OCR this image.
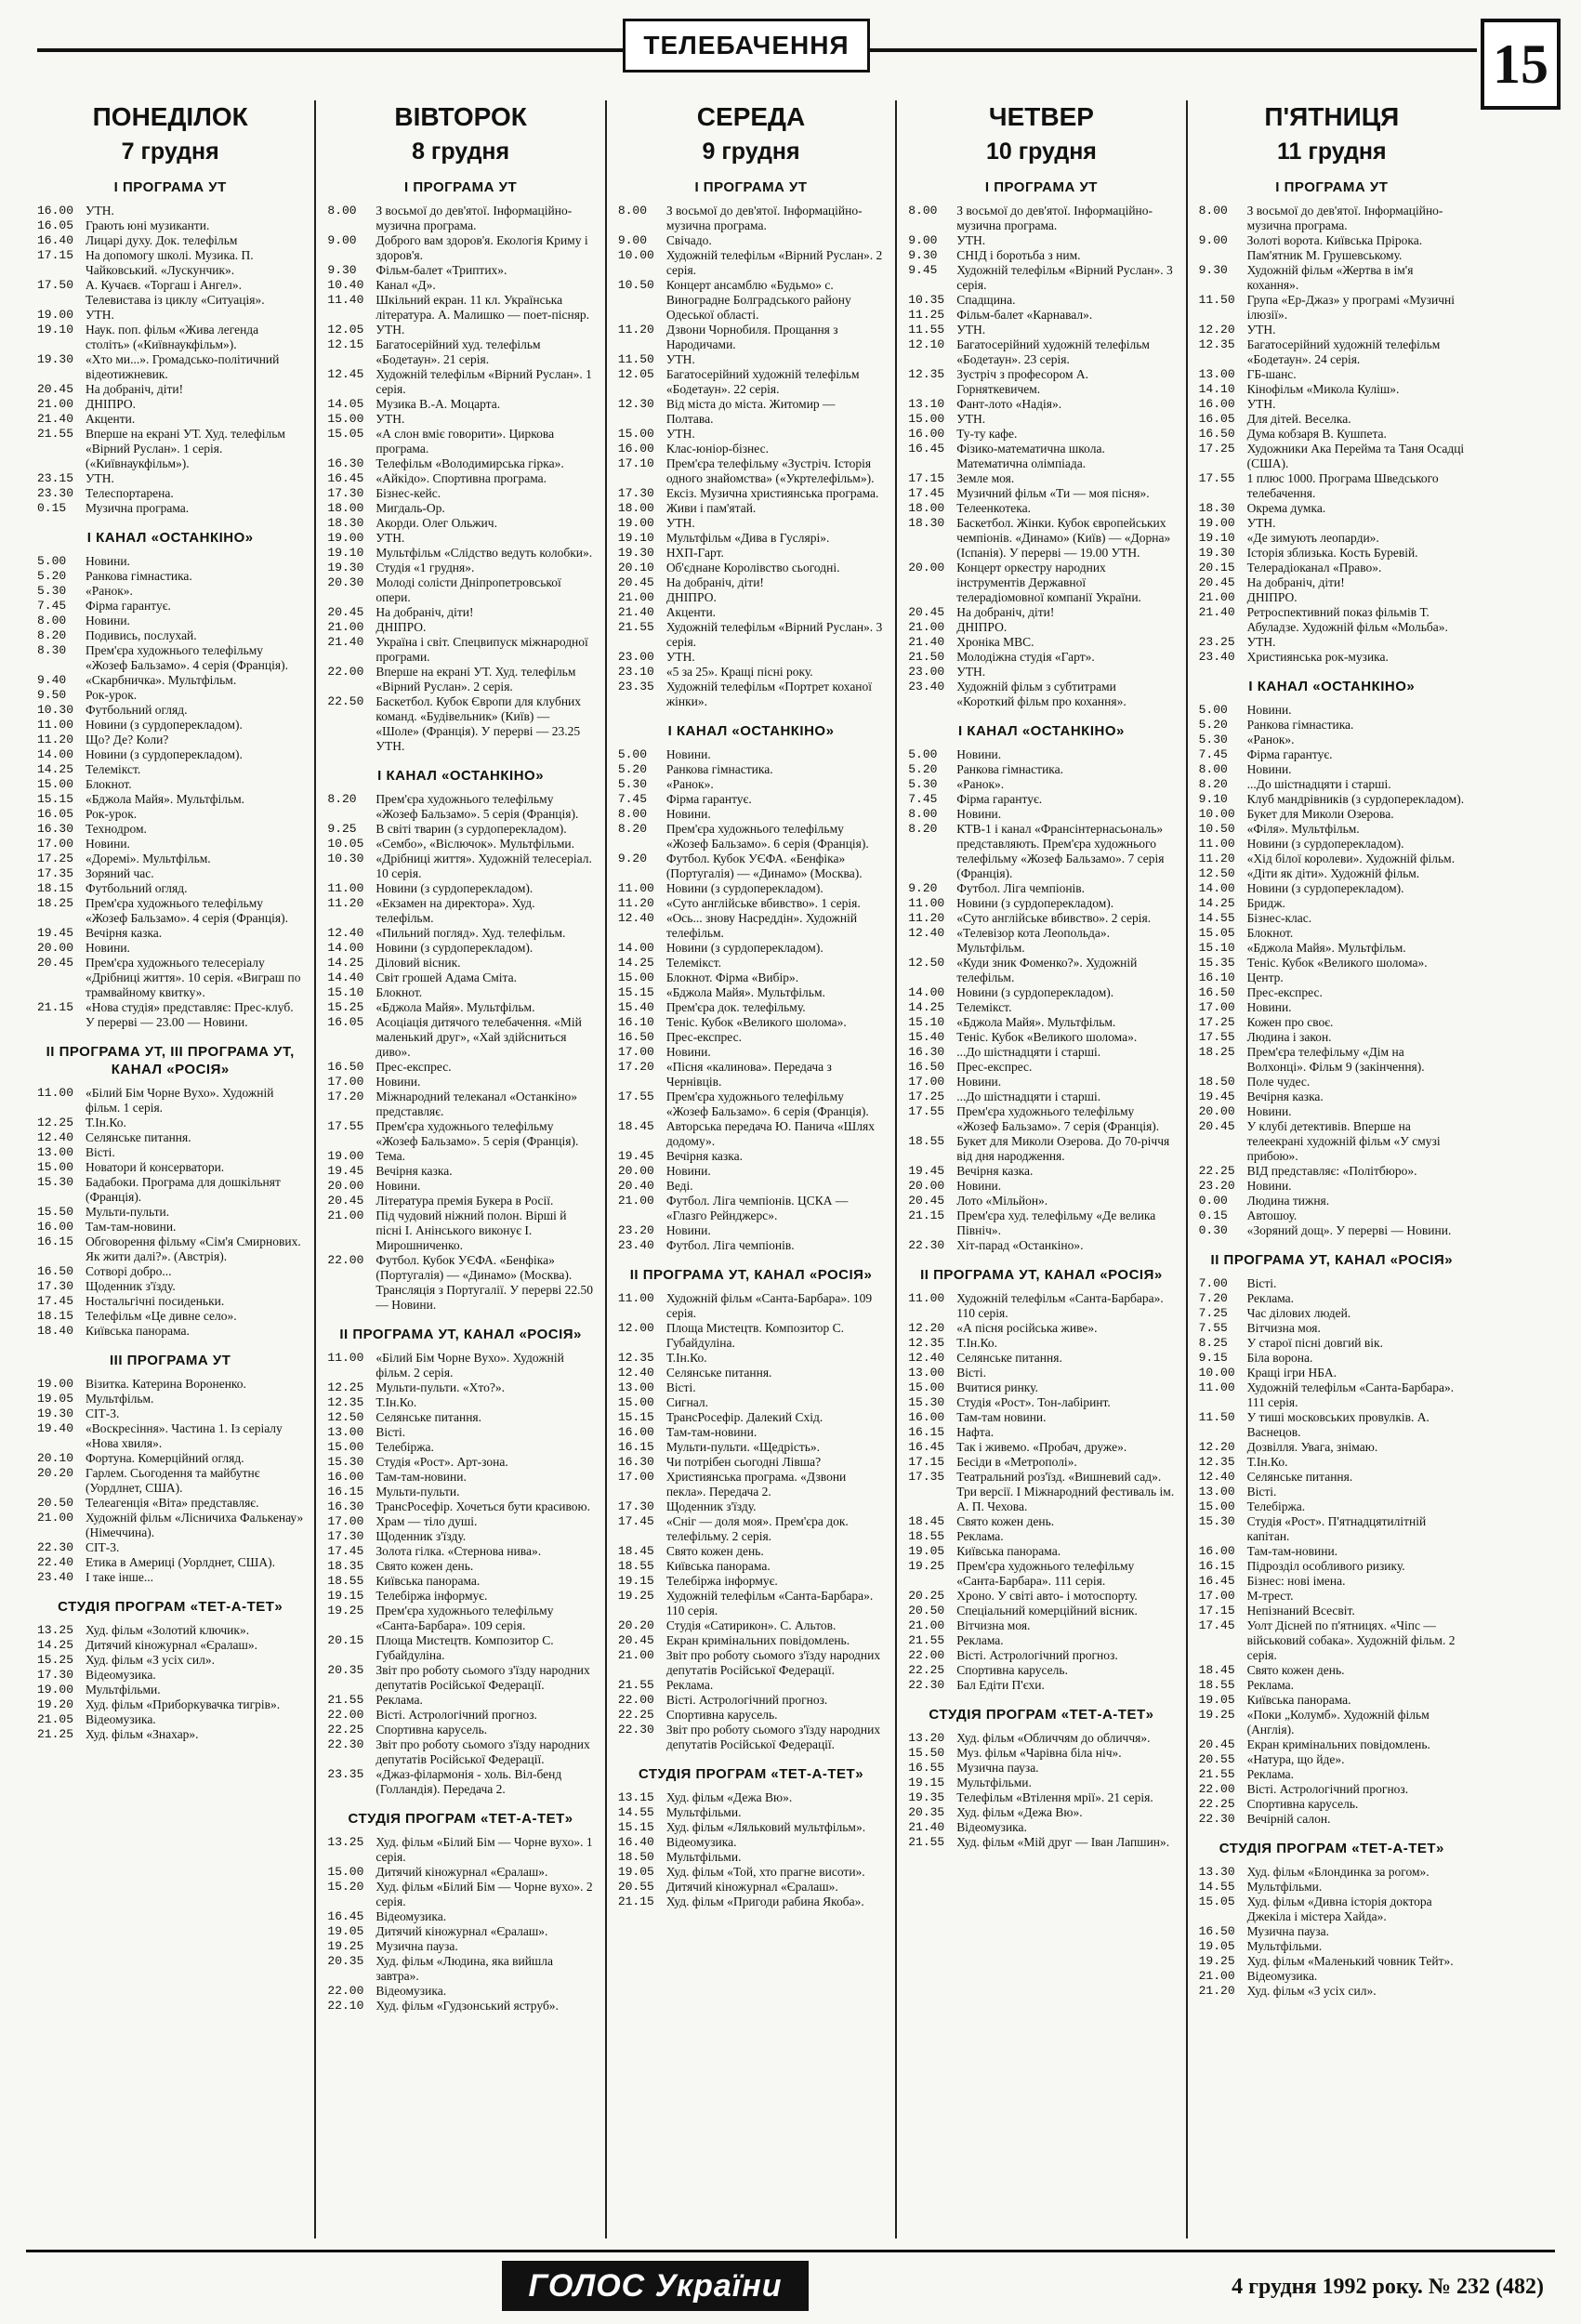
ТЕЛЕБАЧЕННЯ	15
ПОНЕДІЛОК
7 грудня
І ПРОГРАМА УТ
16.00 УТН.
16.05 Грають юні музиканти.
16.40 Лицарі духу. Док. телефільм
17.15 На допомогу школі. Музика. П. Чайковський. «Лускунчик».
17.50 А. Кучаєв. «Торгаш і Ангел». Телевистава із циклу «Ситуація».
19.00 УТН.
19.10 Наук. поп. фільм «Жива легенда століть» («Київнаукфільм»).
19.30 «Хто ми...». Громадсько-політичний відеотижневик.
20.45 На добраніч, діти!
21.00 ДНІПРО.
21.40 Акценти.
21.55 Вперше на екрані УТ. Худ. телефільм «Вірний Руслан». 1 серія. («Київнаукфільм»).
23.15 УТН.
23.30 Телеспортарена.
0.15	Музична програма.
І КАНАЛ «ОСТАНКІНО»
5.00	Новини.
5.20	Ранкова гімнастика.
5.30	«Ранок».
7.45	Фірма гарантує.
8.00	Новини.
8.20	Подивись, послухай.
8.30	Прем'єра художнього телефільму «Жозеф Бальзамо». 4 серія (Франція).
9.40	«Скарбничка». Мультфільм.
9.50	Рок-урок.
10.30 Футбольний огляд.
11.00 Новини (з сурдоперекладом).
11.20 Що? Де? Коли?
14.00 Новини (з сурдоперекладом).
14.25 Телемікст.
15.00 Блокнот.
15.15 «Бджола Майя». Мультфільм.
16.05 Рок-урок.
16.30 Технодром.
17.00 Новини.
17.25 «Доремі». Мультфільм.
17.35 Зоряний час.
18.15 Футбольний огляд.
18.25 Прем'єра художнього телефільму «Жозеф Бальзамо». 4 серія (Франція).
19.45 Вечірня казка.
20.00 Новини.
20.45 Прем'єра художнього телесеріалу «Дрібниці життя». 10 серія. «Виграш по трамвайному квитку».
21.15 «Нова студія» представляє: Прес-клуб. У перерві — 23.00 — Новини.
ІІ ПРОГРАМА УТ, ІІІ ПРОГРАМА УТ, КАНАЛ «РОСІЯ»
11.00 «Білий Бім Чорне Вухо». Художній фільм. 1 серія.
12.25 Т.Ін.Ко.
12.40 Селянське питання.
13.00 Вісті.
15.00 Новатори й консерватори.
15.30 Бадабоки. Програма для дошкільнят (Франція).
15.50 Мульти-пульти.
16.00 Там-там-новини.
16.15 Обговорення фільму «Сім'я Смирнових. Як жити далі?». (Австрія).
16.50 Сотворі добро...
17.30 Щоденник з'їзду.
17.45 Ностальгічні посиденьки.
18.15 Телефільм «Це дивне село».
18.40 Київська панорама.
ІІІ ПРОГРАМА УТ
19.00 Візитка. Катерина Вороненко.
19.05 Мультфільм.
19.30 СІТ-3.
19.40 «Воскресіння». Частина 1. Із серіалу «Нова хвиля».
20.10 Фортуна. Комерційний огляд.
20.20 Гарлем. Сьогодення та майбутнє (Уордлнет, США).
20.50 Телеагенція «Віта» представляє.
21.00 Художній фільм «Лісничиха Фалькенау» (Німеччина).
22.30 СІТ-3.
22.40 Етика в Америці (Уорлднет, США).
23.40 І таке інше...
СТУДІЯ ПРОГРАМ «ТЕТ-А-ТЕТ»
13.25 Худ. фільм «Золотий ключик».
14.25 Дитячий кіножурнал «Єралаш».
15.25 Худ. фільм «З усіх сил».
17.30 Відеомузика.
19.00 Мультфільми.
19.20 Худ. фільм «Приборкувачка тигрів».
21.05 Відеомузика.
21.25 Худ. фільм «Знахар».
ВІВТОРОК
8 грудня
І ПРОГРАМА УТ
8.00	З восьмої до дев'ятої. Інформаційно-музична програма.
9.00	Доброго вам здоров'я. Екологія Криму і здоров'я.
9.30	Фільм-балет «Триптих».
10.40 Канал «Д».
11.40 Шкільний екран. 11 кл. Українська література. А. Малишко — поет-пісняр.
12.05 УТН.
12.15 Багатосерійний худ. телефільм «Бодетаун». 21 серія.
12.45 Художній телефільм «Вірний Руслан». 1 серія.
14.05 Музика В.-А. Моцарта.
15.00 УТН.
15.05 «А слон вміє говорити». Циркова програма.
16.30 Телефільм «Володимирська гірка».
16.45 «Айкідо». Спортивна програма.
17.30 Бізнес-кейс.
18.00 Мигдаль-Ор.
18.30 Акорди. Олег Ольжич.
19.00 УТН.
19.10 Мультфільм «Слідство ведуть колобки».
19.30 Студія «1 грудня».
20.30 Молоді солісти Дніпропетровської опери.
20.45 На добраніч, діти!
21.00 ДНІПРО.
21.40 Україна і світ. Спецвипуск міжнародної програми.
22.00 Вперше на екрані УТ. Худ. телефільм «Вірний Руслан». 2 серія.
22.50 Баскетбол. Кубок Європи для клубних команд. «Будівельник» (Київ) — «Шоле» (Франція). У перерві — 23.25 УТН.
І КАНАЛ «ОСТАНКІНО»
8.20	Прем'єра художнього телефільму «Жозеф Бальзамо». 5 серія (Франція).
9.25	В світі тварин (з сурдоперекладом).
10.05 «Сембо», «Віслючок». Мультфільми.
10.30 «Дрібниці життя». Художній телесеріал. 10 серія.
11.00 Новини (з сурдоперекладом).
11.20 «Екзамен на директора». Худ. телефільм.
12.40 «Пильний погляд». Худ. телефільм.
14.00 Новини (з сурдоперекладом).
14.25 Діловий вісник.
14.40 Світ грошей Адама Сміта.
15.10 Блокнот.
15.25 «Бджола Майя». Мультфільм.
16.05 Асоціація дитячого телебачення. «Мій маленький друг», «Хай здійсниться диво».
16.50 Прес-експрес.
17.00 Новини.
17.20 Міжнародний телеканал «Останкіно» представляє.
17.55 Прем'єра художнього телефільму «Жозеф Бальзамо». 5 серія (Франція).
19.00 Тема.
19.45 Вечірня казка.
20.00 Новини.
20.45 Література премія Букера в Росії.
21.00 Під чудовий ніжний полон. Вірші й пісні І. Анінського виконує І. Мирошниченко.
22.00 Футбол. Кубок УЄФА. «Бенфіка» (Португалія) — «Динамо» (Москва). Трансляція з Португалії. У перерві 22.50 — Новини.
ІІ ПРОГРАМА УТ, КАНАЛ «РОСІЯ»
11.00 «Білий Бім Чорне Вухо». Художній фільм. 2 серія.
12.25 Мульти-пульти. «Хто?».
12.35 Т.Ін.Ко.
12.50 Селянське питання.
13.00 Вісті.
15.00 Телебіржа.
15.30 Студія «Рост». Арт-зона.
16.00 Там-там-новини.
16.15 Мульти-пульти.
16.30 ТрансРосефір. Хочеться бути красивою.
17.00 Храм — тіло душі.
17.30 Щоденник з'їзду.
17.45 Золота гілка. «Стернова нива».
18.35 Свято кожен день.
18.55 Київська панорама.
19.15 Телебіржа інформує.
19.25 Прем'єра художнього телефільму «Санта-Барбара». 109 серія.
20.15 Площа Мистецтв. Композитор С. Губайдуліна.
20.35 Звіт про роботу сьомого з'їзду народних депутатів Російської Федерації.
21.55 Реклама.
22.00 Вісті. Астрологічний прогноз.
22.25 Спортивна карусель.
22.30 Звіт про роботу сьомого з'їзду народних депутатів Російської Федерації.
23.35 «Джаз-філармонія - холь. Віл-бенд (Голландія). Передача 2.
СТУДІЯ ПРОГРАМ «ТЕТ-А-ТЕТ»
13.25 Худ. фільм «Білий Бім — Чорне вухо». 1 серія.
15.00 Дитячий кіножурнал «Єралаш».
15.20 Худ. фільм «Білий Бім — Чорне вухо». 2 серія.
16.45 Відеомузика.
19.05 Дитячий кіножурнал «Єралаш».
19.25 Музична пауза.
20.35 Худ. фільм «Людина, яка вийшла завтра».
22.00 Відеомузика.
22.10 Худ. фільм «Гудзонський яструб».
СЕРЕДА
9 грудня
І ПРОГРАМА УТ
8.00	З восьмої до дев'ятої. Інформаційно-музична програма.
9.00	Свічадо.
10.00 Художній телефільм «Вірний Руслан». 2 серія.
10.50 Концерт ансамблю «Будьмо» с. Виноградне Болградського району Одеської області.
11.20 Дзвони Чорнобиля. Прощання з Народичами.
11.50 УТН.
12.05 Багатосерійний художній телефільм «Бодетаун». 22 серія.
12.30 Від міста до міста. Житомир — Полтава.
15.00 УТН.
16.00 Клас-юніор-бізнес.
17.10 Прем'єра телефільму «Зустріч. Історія одного знайомства» («Укртелефільм»).
17.30 Ексіз. Музична християнська програма.
18.00 Живи і пам'ятай.
19.00 УТН.
19.10 Мультфільм «Дива в Гуслярі».
19.30 НХП-Гарт.
20.10 Об'єднане Королівство сьогодні.
20.45 На добраніч, діти!
21.00 ДНІПРО.
21.40 Акценти.
21.55 Художній телефільм «Вірний Руслан». 3 серія.
23.00 УТН.
23.10 «5 за 25». Кращі пісні року.
23.35 Художній телефільм «Портрет коханої жінки».
І КАНАЛ «ОСТАНКІНО»
5.00	Новини.
5.20	Ранкова гімнастика.
5.30	«Ранок».
7.45	Фірма гарантує.
8.00	Новини.
8.20	Прем'єра художнього телефільму «Жозеф Бальзамо». 6 серія (Франція).
9.20	Футбол. Кубок УЄФА. «Бенфіка» (Португалія) — «Динамо» (Москва).
11.00 Новини (з сурдоперекладом).
11.20 «Суто англійське вбивство». 1 серія.
12.40 «Ось... знову Насреддін». Художній телефільм.
14.00 Новини (з сурдоперекладом).
14.25 Телемікст.
15.00 Блокнот. Фірма «Вибір».
15.15 «Бджола Майя». Мультфільм.
15.40 Прем'єра док. телефільму.
16.10 Теніс. Кубок «Великого шолома».
16.50 Прес-експрес.
17.00 Новини.
17.20 «Пісня «калинова». Передача з Чернівців.
17.55 Прем'єра художнього телефільму «Жозеф Бальзамо». 6 серія (Франція).
18.45 Авторська передача Ю. Панича «Шлях додому».
19.45 Вечірня казка.
20.00 Новини.
20.40 Веді.
21.00 Футбол. Ліга чемпіонів. ЦСКА — «Глазго Рейнджерс».
23.20 Новини.
23.40 Футбол. Ліга чемпіонів.
ІІ ПРОГРАМА УТ, КАНАЛ «РОСІЯ»
11.00 Художній фільм «Санта-Барбара». 109 серія.
12.00 Площа Мистецтв. Композитор С. Губайдуліна.
12.35 Т.Ін.Ко.
12.40 Селянське питання.
13.00 Вісті.
15.00 Сигнал.
15.15 ТрансРосефір. Далекий Схід.
16.00 Там-там-новини.
16.15 Мульти-пульти. «Щедрість».
16.30 Чи потрібен сьогодні Лівша?
17.00 Християнська програма. «Дзвони пекла». Передача 2.
17.30 Щоденник з'їзду.
17.45 «Сніг — доля моя». Прем'єра док. телефільму. 2 серія.
18.45 Свято кожен день.
18.55 Київська панорама.
19.15 Телебіржа інформує.
19.25 Художній телефільм «Санта-Барбара». 110 серія.
20.20 Студія «Сатирикон». С. Альтов.
20.45 Екран кримінальних повідомлень.
21.00 Звіт про роботу сьомого з'їзду народних депутатів Російської Федерації.
21.55 Реклама.
22.00 Вісті. Астрологічний прогноз.
22.25 Спортивна карусель.
22.30 Звіт про роботу сьомого з'їзду народних депутатів Російської Федерації.
СТУДІЯ ПРОГРАМ «ТЕТ-А-ТЕТ»
13.15 Худ. фільм «Дежа Вю».
14.55 Мультфільми.
15.15 Худ. фільм «Ляльковий мультфільм».
16.40 Відеомузика.
18.50 Мультфільми.
19.05 Худ. фільм «Той, хто прагне висоти».
20.55 Дитячий кіножурнал «Єралаш».
21.15 Худ. фільм «Пригоди рабина Якоба».
ЧЕТВЕР
10 грудня
І ПРОГРАМА УТ
8.00	З восьмої до дев'ятої. Інформаційно-музична програма.
9.00	УТН.
9.30	СНІД і боротьба з ним.
9.45	Художній телефільм «Вірний Руслан». 3 серія.
10.35 Спадщина.
11.25 Фільм-балет «Карнавал».
11.55 УТН.
12.10 Багатосерійний художній телефільм «Бодетаун». 23 серія.
12.35 Зустріч з професором А. Горняткевичем.
13.10 Фант-лото «Надія».
15.00 УТН.
16.00 Ту-ту кафе.
16.45 Фізико-математична школа. Математична олімпіада.
17.15 Земле моя.
17.45 Музичний фільм «Ти — моя пісня».
18.00 Телеенкотека.
18.30 Баскетбол. Жінки. Кубок європейських чемпіонів. «Динамо» (Київ) — «Дорна» (Іспанія). У перерві — 19.00 УТН.
20.00 Концерт оркестру народних інструментів Державної телерадіомовної компанії України.
20.45 На добраніч, діти!
21.00 ДНІПРО.
21.40 Хроніка МВС.
21.50 Молодіжна студія «Гарт».
23.00 УТН.
23.40 Художній фільм з субтитрами «Короткий фільм про кохання».
І КАНАЛ «ОСТАНКІНО»
5.00	Новини.
5.20	Ранкова гімнастика.
5.30	«Ранок».
7.45	Фірма гарантує.
8.00	Новини.
8.20	КТВ-1 і канал «Франсінтернасьональ» представляють. Прем'єра художнього телефільму «Жозеф Бальзамо». 7 серія (Франція).
9.20	Футбол. Ліга чемпіонів.
11.00 Новини (з сурдоперекладом).
11.20 «Суто англійське вбивство». 2 серія.
12.40 «Телевізор кота Леопольда». Мультфільм.
12.50 «Куди зник Фоменко?». Художній телефільм.
14.00 Новини (з сурдоперекладом).
14.25 Телемікст.
15.10 «Бджола Майя». Мультфільм.
15.40 Теніс. Кубок «Великого шолома».
16.30 ...До шістнадцяти і старші.
16.50 Прес-експрес.
17.00 Новини.
17.25 ...До шістнадцяти і старші.
17.55 Прем'єра художнього телефільму «Жозеф Бальзамо». 7 серія (Франція).
18.55 Букет для Миколи Озерова. До 70-річчя від дня народження.
19.45 Вечірня казка.
20.00 Новини.
20.45 Лото «Мільйон».
21.15 Прем'єра худ. телефільму «Де велика Північ».
22.30 Хіт-парад «Останкіно».
ІІ ПРОГРАМА УТ, КАНАЛ «РОСІЯ»
11.00 Художній телефільм «Санта-Барбара». 110 серія.
12.20 «А пісня російська живе».
12.35 Т.Ін.Ко.
12.40 Селянське питання.
13.00 Вісті.
15.00 Вчитися ринку.
15.30 Студія «Рост». Тон-лабіринт.
16.00 Там-там новини.
16.15 Нафта.
16.45 Так і живемо. «Пробач, друже».
17.15 Бесіди в «Метрополі».
17.35 Театральний роз'їзд. «Вишневий сад». Три версії. І Міжнародний фестиваль ім. А. П. Чехова.
18.45 Свято кожен день.
18.55 Реклама.
19.05 Київська панорама.
19.25 Прем'єра художнього телефільму «Санта-Барбара». 111 серія.
20.25 Хроно. У світі авто- і мотоспорту.
20.50 Спеціальний комерційний вісник.
21.00 Вітчизна моя.
21.55 Реклама.
22.00 Вісті. Астрологічний прогноз.
22.25 Спортивна карусель.
22.30 Бал Едіти П'єхи.
СТУДІЯ ПРОГРАМ «ТЕТ-А-ТЕТ»
13.20 Худ. фільм «Обличчям до обличчя».
15.50 Муз. фільм «Чарівна біла ніч».
16.55 Музична пауза.
19.15 Мультфільми.
19.35 Телефільм «Втілення мрії». 21 серія.
20.35 Худ. фільм «Дежа Вю».
21.40 Відеомузика.
21.55 Худ. фільм «Мій друг — Іван Лапшин».
П'ЯТНИЦЯ
11 грудня
І ПРОГРАМА УТ
8.00	З восьмої до дев'ятої. Інформаційно-музична програма.
9.00	Золоті ворота. Київська Прірока. Пам'ятник М. Грушевському.
9.30	Художній фільм «Жертва в ім'я кохання».
11.50 Група «Ер-Джаз» у програмі «Музичні ілюзії».
12.20 УТН.
12.35 Багатосерійний художній телефільм «Бодетаун». 24 серія.
13.00 ГБ-шанс.
14.10 Кінофільм «Микола Куліш».
16.00 УТН.
16.05 Для дітей. Веселка.
16.50 Дума кобзаря В. Кушпета.
17.25 Художники Ака Перейма та Таня Осадці (США).
17.55 1 плюс 1000. Програма Шведського телебачення.
18.30 Окрема думка.
19.00 УТН.
19.10 «Де зимують леопарди».
19.30 Історія зблизька. Кость Буревій.
20.15 Телерадіоканал «Право».
20.45 На добраніч, діти!
21.00 ДНІПРО.
21.40 Ретроспективний показ фільмів Т. Абуладзе. Художній фільм «Мольба».
23.25 УТН.
23.40 Християнська рок-музика.
І КАНАЛ «ОСТАНКІНО»
5.00	Новини.
5.20	Ранкова гімнастика.
5.30	«Ранок».
7.45	Фірма гарантує.
8.00	Новини.
8.20	...До шістнадцяти і старші.
9.10	Клуб мандрівників (з сурдоперекладом).
10.00 Букет для Миколи Озерова.
10.50 «Філя». Мультфільм.
11.00 Новини (з сурдоперекладом).
11.20 «Хід білої королеви». Художній фільм.
12.50 «Діти як діти». Художній фільм.
14.00 Новини (з сурдоперекладом).
14.25 Бридж.
14.55 Бізнес-клас.
15.05 Блокнот.
15.10 «Бджола Майя». Мультфільм.
15.35 Теніс. Кубок «Великого шолома».
16.10 Центр.
16.50 Прес-експрес.
17.00 Новини.
17.25 Кожен про своє.
17.55 Людина і закон.
18.25 Прем'єра телефільму «Дім на Волхонці». Фільм 9 (закінчення).
18.50 Поле чудес.
19.45 Вечірня казка.
20.00 Новини.
20.45 У клубі детективів. Вперше на телеекрані художній фільм «У смузі прибою».
22.25 ВІД представляє: «Політбюро».
23.20 Новини.
0.00	Людина тижня.
0.15	Автошоу.
0.30	«Зоряний дощ». У перерві — Новини.
ІІ ПРОГРАМА УТ, КАНАЛ «РОСІЯ»
7.00	Вісті.
7.20	Реклама.
7.25	Час ділових людей.
7.55	Вітчизна моя.
8.25	У старої пісні довгий вік.
9.15	Біла ворона.
10.00 Кращі ігри НБА.
11.00 Художній телефільм «Санта-Барбара». 111 серія.
11.50 У тиші московських провулків. А. Васнецов.
12.20 Дозвілля. Увага, знімаю.
12.35 Т.Ін.Ко.
12.40 Селянське питання.
13.00 Вісті.
15.00 Телебіржа.
15.30 Студія «Рост». П'ятнадцятилітній капітан.
16.00 Там-там-новини.
16.15 Підрозділ особливого ризику.
16.45 Бізнес: нові імена.
17.00 М-трест.
17.15 Непізнаний Всесвіт.
17.45 Уолт Дісней по п'ятницях. «Чіпс — військовий собака». Художній фільм. 2 серія.
18.45 Свято кожен день.
18.55 Реклама.
19.05 Київська панорама.
19.25 «Поки „Колумб». Художній фільм (Англія).
20.45 Екран кримінальних повідомлень.
20.55 «Натура, що йде».
21.55 Реклама.
22.00 Вісті. Астрологічний прогноз.
22.25 Спортивна карусель.
22.30 Вечірній салон.
СТУДІЯ ПРОГРАМ «ТЕТ-А-ТЕТ»
13.30 Худ. фільм «Блондинка за рогом».
14.55 Мультфільми.
15.05 Худ. фільм «Дивна історія доктора Джекіла і містера Хайда».
16.50 Музична пауза.
19.05 Мультфільми.
19.25 Худ. фільм «Маленький човник Тейт».
21.00 Відеомузика.
21.20 Худ. фільм «З усіх сил».
ГОЛОС України	4 грудня 1992 року. № 232 (482)
